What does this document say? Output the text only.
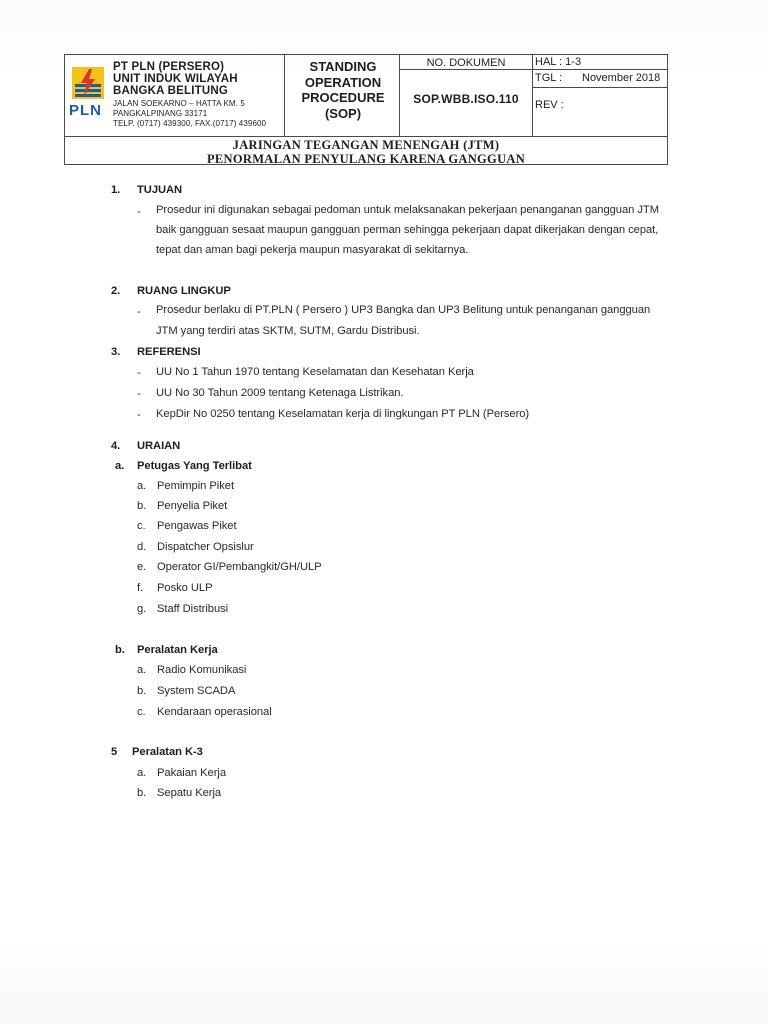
PLN
PT PLN (PERSERO)
UNIT INDUK WILAYAH
BANGKA BELITUNG
JALAN SOEKARNO – HATTA KM. 5
PANGKALPINANG 33171
TELP. (0717) 439300, FAX.(0717) 439600
STANDING
OPERATION
PROCEDURE
(SOP)
NO. DOKUMEN
SOP.WBB.ISO.110
HAL : 1-3
TGL : November 2018
REV :
JARINGAN TEGANGAN MENENGAH (JTM)
PENORMALAN PENYULANG KARENA GANGGUAN
1. TUJUAN
- Prosedur ini digunakan sebagai pedoman untuk melaksanakan pekerjaan penanganan gangguan JTM
baik gangguan sesaat maupun gangguan perman sehingga pekerjaan dapat dikerjakan dengan cepat,
tepat dan aman bagi pekerja maupun masyarakat di sekitarnya.
2. RUANG LINGKUP
- Prosedur berlaku di PT.PLN ( Persero ) UP3 Bangka dan UP3 Belitung untuk penanganan gangguan
JTM yang terdiri atas SKTM, SUTM, Gardu Distribusi.
3. REFERENSI
- UU No 1 Tahun 1970 tentang Keselamatan dan Kesehatan Kerja
- UU No 30 Tahun 2009 tentang Ketenaga Listrikan.
- KepDir No 0250 tentang Keselamatan kerja di lingkungan PT PLN (Persero)
4. URAIAN
a. Petugas Yang Terlibat
a. Pemimpin Piket
b. Penyelia Piket
c. Pengawas Piket
d. Dispatcher Opsislur
e. Operator GI/Pembangkit/GH/ULP
f. Posko ULP
g. Staff Distribusi
b. Peralatan Kerja
a. Radio Komunikasi
b. System SCADA
c. Kendaraan operasional
5 Peralatan K-3
a. Pakaian Kerja
b. Sepatu Kerja
